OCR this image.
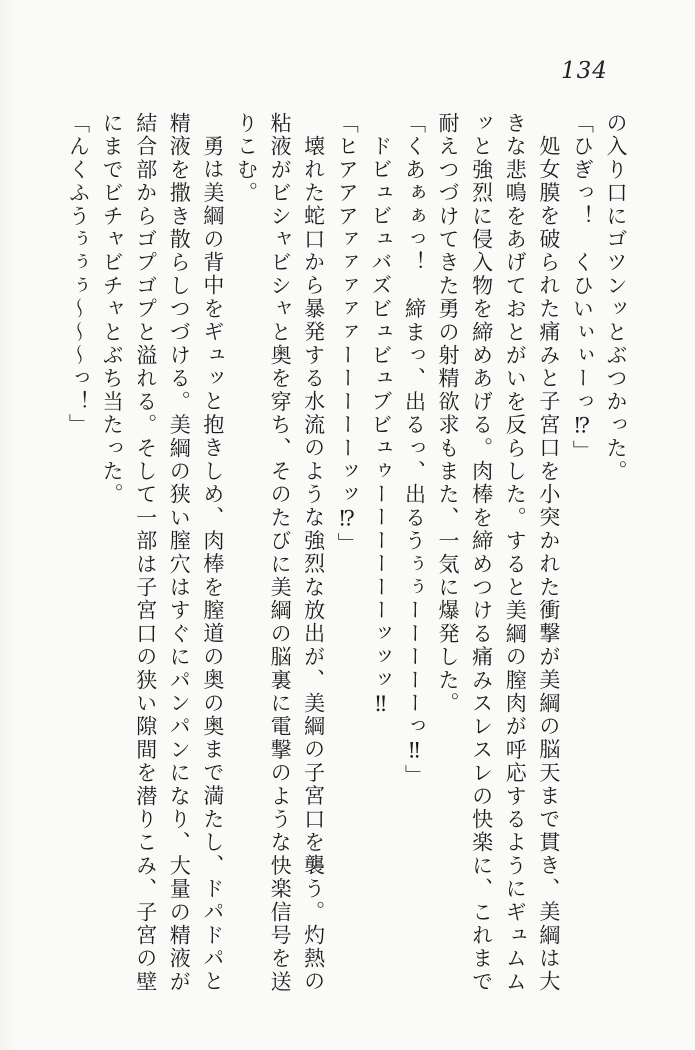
134
の入り口にゴツンッとぶつかった。
「ひぎっ！　くひいぃぃーっ⁉」
処女膜を破られた痛みと子宮口を小突かれた衝撃が美綱の脳天まで貫き、美綱は大
きな悲鳴をあげておとがいを反らした。すると美綱の膣肉が呼応するようにギュムム
ッと強烈に侵入物を締めあげる。肉棒を締めつける痛みスレスレの快楽に、これまで
耐えつづけてきた勇の射精欲求もまた、一気に爆発した。
「くあぁぁっ！　締まっ、出るっ、出るうぅぅーーーーーっ‼」
ドビュビュバズビュビュブビュゥーーーーーーッッッ‼
「ヒアアアァァァァァーーーーーッッ⁉」
壊れた蛇口から暴発する水流のような強烈な放出が、美綱の子宮口を襲う。灼熱の
粘液がビシャビシャと奥を穿ち、そのたびに美綱の脳裏に電撃のような快楽信号を送
りこむ。
勇は美綱の背中をギュッと抱きしめ、肉棒を膣道の奥の奥まで満たし、ドパドパと
精液を撒き散らしつづける。美綱の狭い膣穴はすぐにパンパンになり、大量の精液が
結合部からゴプゴプと溢れる。そして一部は子宮口の狭い隙間を潜りこみ、子宮の壁
にまでビチャビチャとぶち当たった。
「んくふうぅぅぅ～～～っ！」
